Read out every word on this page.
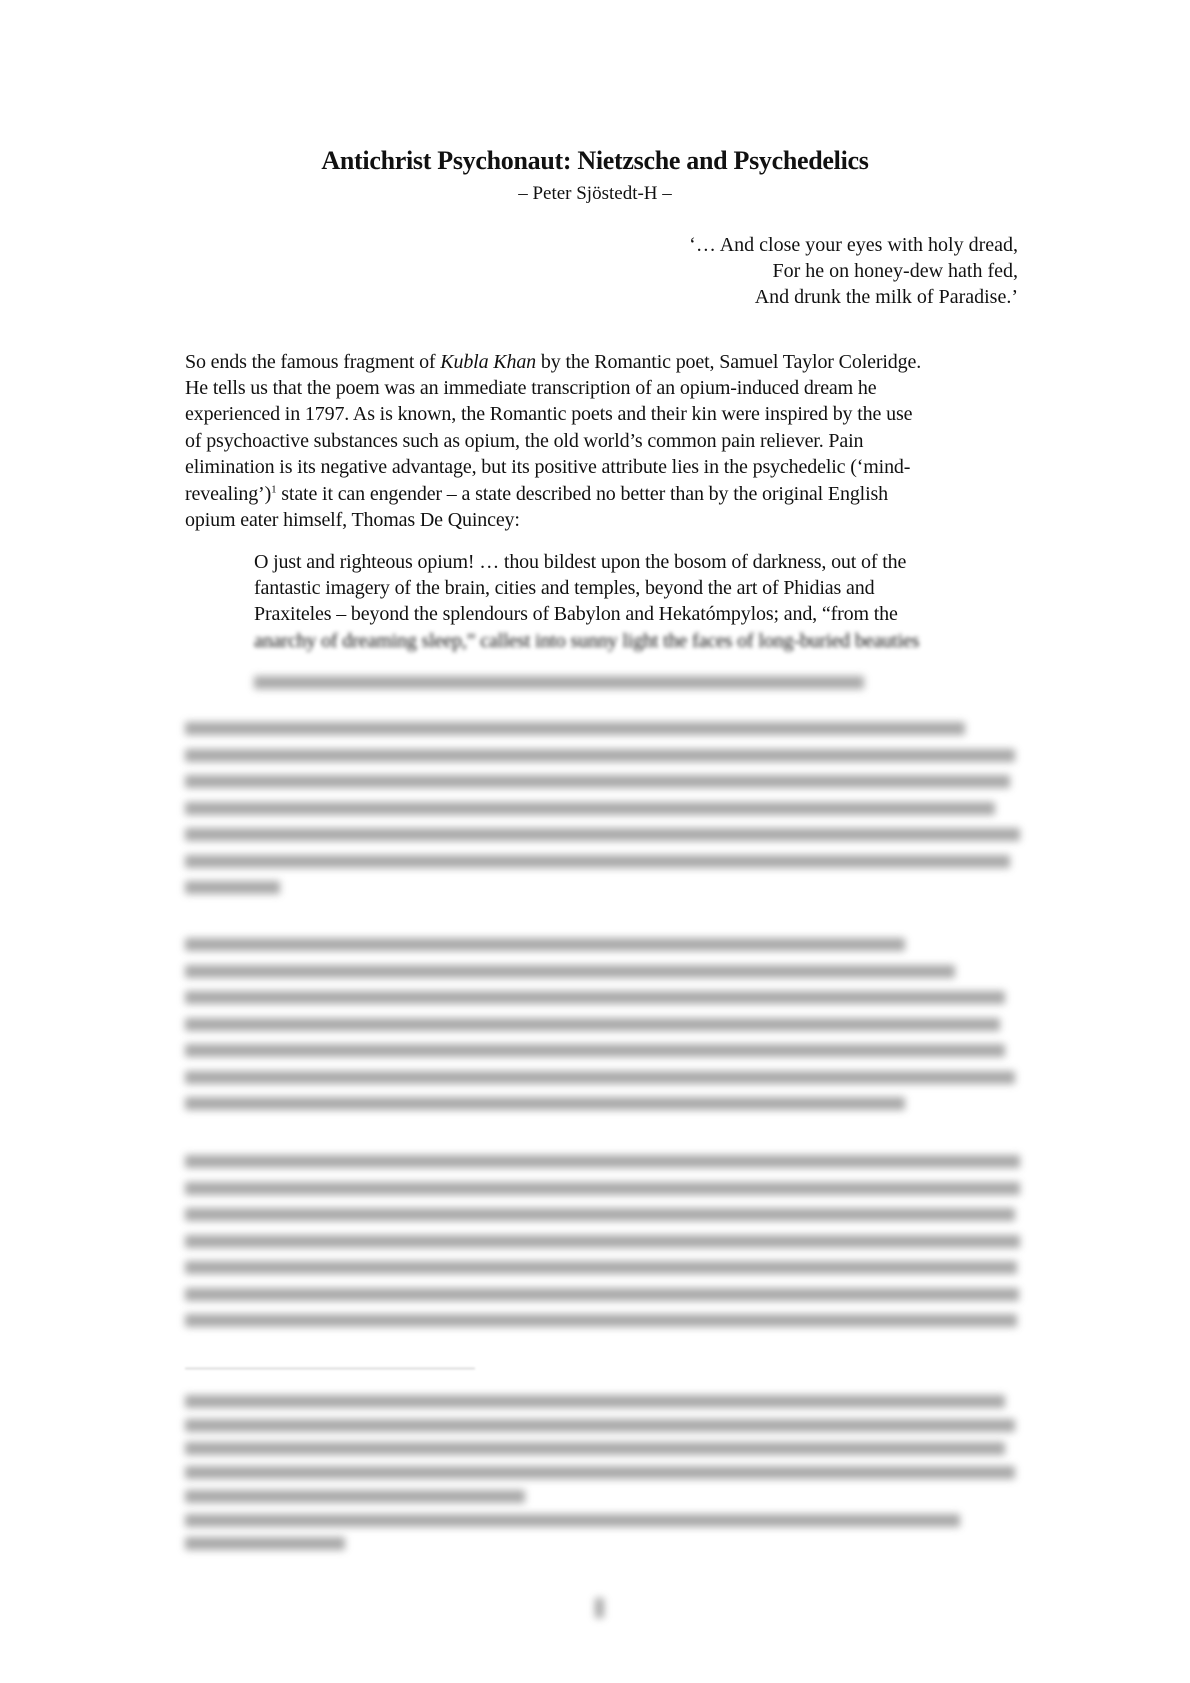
Antichrist Psychonaut: Nietzsche and Psychedelics
– Peter Sjöstedt-H –
‘… And close your eyes with holy dread,
For he on honey-dew hath fed,
And drunk the milk of Paradise.’
So ends the famous fragment of Kubla Khan by the Romantic poet, Samuel Taylor Coleridge.
He tells us that the poem was an immediate transcription of an opium-induced dream he
experienced in 1797. As is known, the Romantic poets and their kin were inspired by the use
of psychoactive substances such as opium, the old world’s common pain reliever. Pain
elimination is its negative advantage, but its positive attribute lies in the psychedelic (‘mind-
revealing’)$^1$ state it can engender – a state described no better than by the original English
opium eater himself, Thomas De Quincey:
O just and righteous opium! … thou bildest upon the bosom of darkness, out of the
fantastic imagery of the brain, cities and temples, beyond the art of Phidias and
Praxiteles – beyond the splendours of Babylon and Hekatómpylos; and, “from the
anarchy of dreaming sleep,” callest into sunny light the faces of long-buried beauties
